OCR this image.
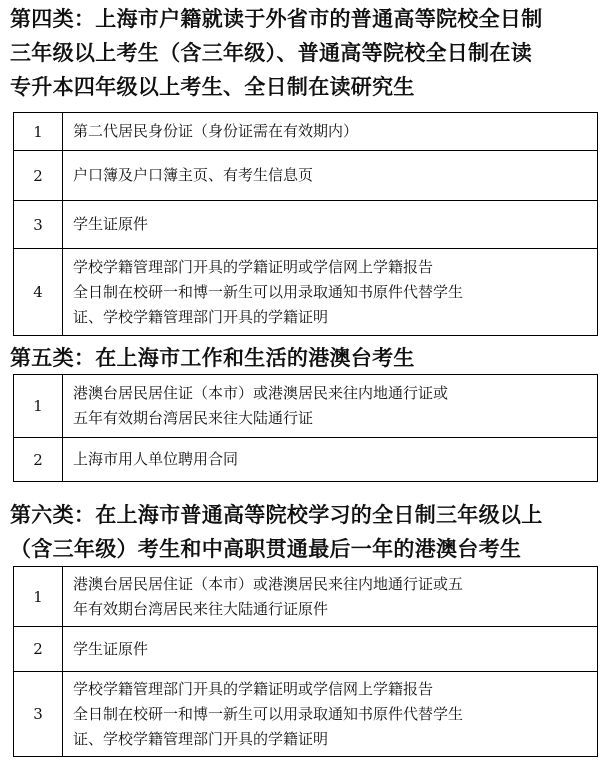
第四类：上海市户籍就读于外省市的普通高等院校全日制
三年级以上考生（含三年级）、普通高等院校全日制在读
专升本四年级以上考生、全日制在读研究生
1	第二代居民身份证（身份证需在有效期内）

2	户口簿及户口簿主页、有考生信息页

3	学生证原件

4	学校学籍管理部门开具的学籍证明或学信网上学籍报告
全日制在校研一和博一新生可以用录取通知书原件代替学生
证、学校学籍管理部门开具的学籍证明
第五类：在上海市工作和生活的港澳台考生
1	港澳台居民居住证（本市）或港澳居民来往内地通行证或
五年有效期台湾居民来往大陆通行证

2	上海市用人单位聘用合同
第六类：在上海市普通高等院校学习的全日制三年级以上
（含三年级）考生和中高职贯通最后一年的港澳台考生
1	港澳台居民居住证（本市）或港澳居民来往内地通行证或五
年有效期台湾居民来往大陆通行证原件

2	学生证原件

3	学校学籍管理部门开具的学籍证明或学信网上学籍报告
全日制在校研一和博一新生可以用录取通知书原件代替学生
证、学校学籍管理部门开具的学籍证明
